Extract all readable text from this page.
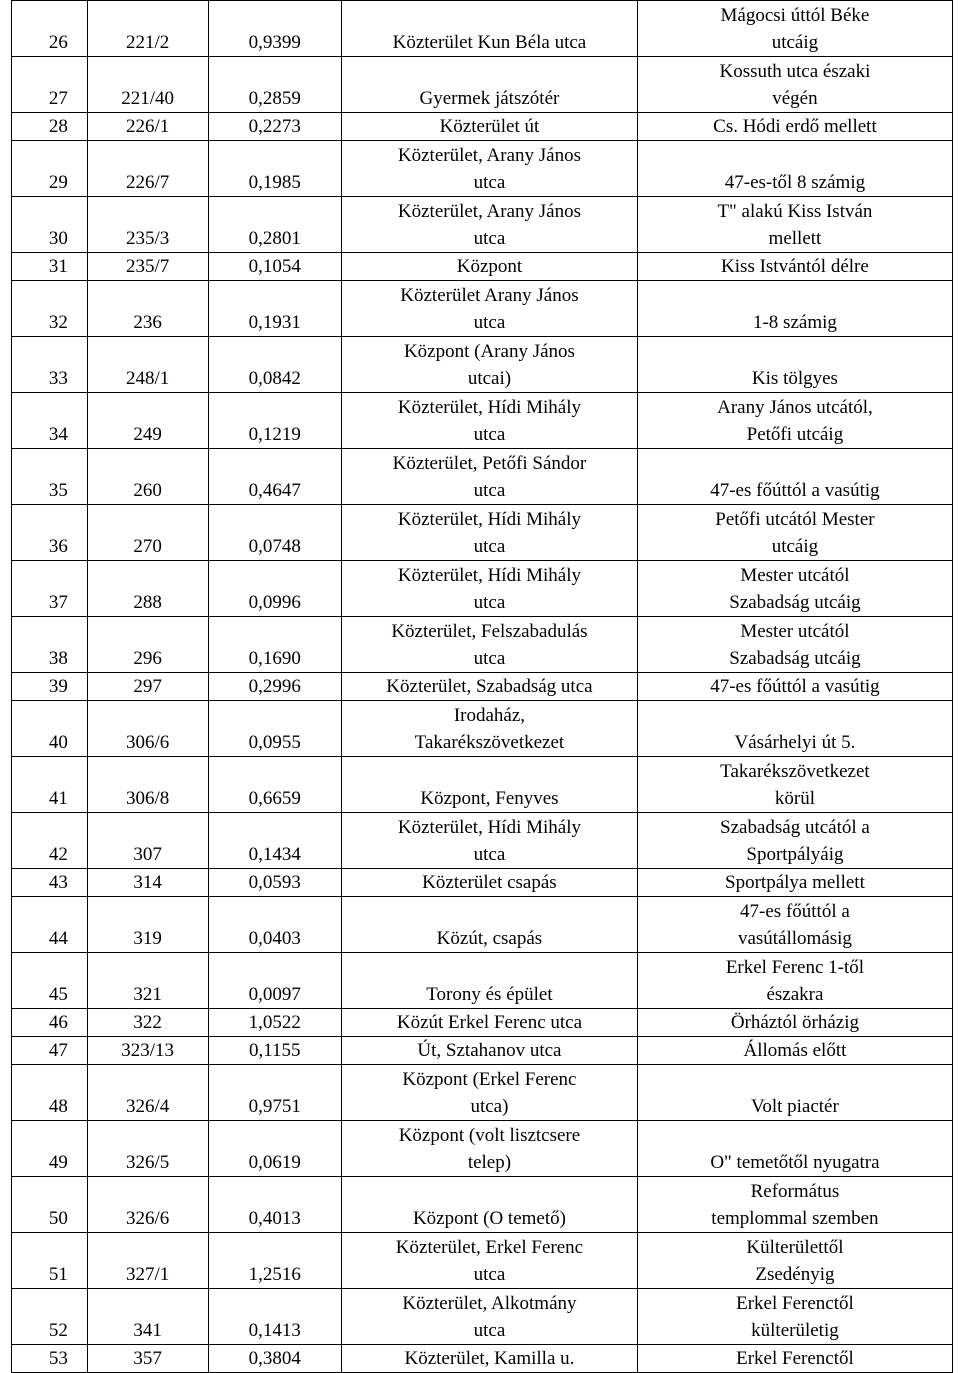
26	221/2	0,9399	Közterület Kun Béla utca	Mágocsi úttól Béke
utcáig

27	221/40	0,2859	Gyermek játszótér	Kossuth utca északi
végén

28	226/1	0,2273	Közterület út	Cs. Hódi erdő mellett
29	226/7	0,1985	Közterület, Arany János
utca	47-es-től 8 számig
30	235/3	0,2801	Közterület, Arany János
utca	T" alakú Kiss István
mellett

31	235/7	0,1054	Központ	Kiss Istvántól délre
32	236	0,1931	Közterület Arany János
utca	1-8 számig
33	248/1	0,0842	Központ (Arany János
utcai)	Kis tölgyes
34	249	0,1219	Közterület, Hídi Mihály
utca	Arany János utcától,
Petőfi utcáig

35	260	0,4647	Közterület, Petőfi Sándor
utca	47-es főúttól a vasútig
36	270	0,0748	Közterület, Hídi Mihály
utca	Petőfi utcától Mester
utcáig

37	288	0,0996	Közterület, Hídi Mihály
utca	Mester utcától
Szabadság utcáig

38	296	0,1690	Közterület, Felszabadulás
utca	Mester utcától
Szabadság utcáig

39	297	0,2996	Közterület, Szabadság utca	47-es főúttól a vasútig
40	306/6	0,0955	Irodaház,
Takarékszövetkezet	Vásárhelyi út 5.
41	306/8	0,6659	Központ, Fenyves	Takarékszövetkezet
körül

42	307	0,1434	Közterület, Hídi Mihály
utca	Szabadság utcától a
Sportpályáig

43	314	0,0593	Közterület csapás	Sportpálya mellett
44	319	0,0403	Közút, csapás	47-es főúttól a
vasútállomásig

45	321	0,0097	Torony és épület	Erkel Ferenc 1-től
északra

46	322	1,0522	Közút Erkel Ferenc utca	Örháztól örházig
47	323/13	0,1155	Út, Sztahanov utca	Állomás előtt
48	326/4	0,9751	Központ (Erkel Ferenc
utca)	Volt piactér
49	326/5	0,0619	Központ (volt lisztcsere
telep)	O" temetőtől nyugatra
50	326/6	0,4013	Központ (O temető)	Református
templommal szemben

51	327/1	1,2516	Közterület, Erkel Ferenc
utca	Külterülettől
Zsedényig

52	341	0,1413	Közterület, Alkotmány
utca	Erkel Ferenctől
külterületig

53	357	0,3804	Közterület, Kamilla u.	Erkel Ferenctől
